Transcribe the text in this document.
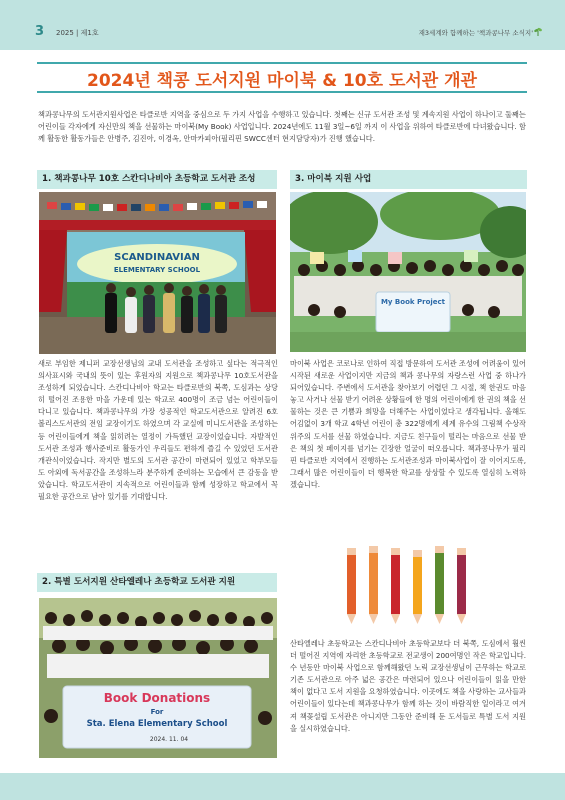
3 2025 | 제1호	재3세계와 함께하는 '책과콩나무 소식지'
2024년 책콩 도서지원 마이북 & 10호 도서관 개관
책과콩나무의 도서관지원사업은 타클로반 지역을 중심으로 두 가지 사업을 수행하고 있습니다. 첫째는 신규 도서관 조성 및 계속지원 사업이 하나이고 둘째는 어린이들 각자에게 자신만의 책을 선물하는 마이북(My Book) 사업입니다. 2024년에도 11월 3일~6일 까지 이 사업을 위하여 타클로반에 다녀왔습니다. 함께 활동한 활동가들은 안병주, 김진아, 이경옥, 안마카피아(필리핀 SWCC센터 현지담당자)가 진행 했습니다.
1. 책과콩나무 10호 스칸디나비아 초등학교 도서관 조성
SCANDINAVIAN
ELEMENTARY SCHOOL
새로 부임한 제니퍼 교장선생님의 교내 도서관을 조성하고 싶다는 적극적인 의사표시와 국내의 뜻이 있는 후원자의 지원으로 책과콩나무 10호도서관을 조성하게 되었습니다. 스칸디나비아 학교는 타클로반의 북쪽, 도심과는 상당히 떨어진 조용한 마을 가운데 있는 학교로 400명이 조금 넘는 어린이들이 다니고 있습니다. 책과콩나무의 가장 성공적인 학교도서관으로 알려진 6호 볼리스도서관의 전임 교장이기도 하였으며 각 교실에 미니도서관을 조성하는 등 어린이들에게 책을 읽히려는 열정이 가득했던 교장이었습니다. 자발적인 도서관 조성과 행사준비로 활동가인 우리들도 편하게 즐길 수 있었던 도서관 개관식이었습니다. 작지만 별도의 도서관 공간이 마련되어 있었고 학부모들도 아외에 독서공간을 조성하느라 분주하게 준비하는 모습에서 큰 감동을 받았습니다. 학교도서관이 지속적으로 어린이들과 함께 성장하고 학교에서 꼭 필요한 공간으로 남아 있기를 기대합니다.
2. 특별 도서지원 산타엘레나 초등학교 도서관 지원
Book Donations
For
Sta. Elena Elementary School
2024. 11. 04
산타엘레나 초등학교는 스칸디나비아 초등학교보다 더 북쪽, 도심에서 훨씬 더 떨어진 지역에 자리한 초등학교로 전교생이 200여명인 작은 학교입니다. 수 년동안 마이북 사업으로 함께해왔던 노릭 교장선생님이 근무하는 학교로 기존 도서관으로 아주 넓은 공간은 마련되어 있으나 어린이들이 읽을 만한 책이 없다고 도서 지원을 요청하였습니다. 이곳에도 책을 사랑하는 교사들과 어린이들이 있다는데 책과콩나무가 함께 하는 것이 바람직한 일이라고 여겨져 책꽂설립 도서관은 아니지만 그동안 준비해 둔 도서들로 특별 도서 지원을 실시하였습니다.
3. 마이북 지원 사업
My Book Project
마이북 사업은 코로나로 인하여 직접 방문하여 도서관 조성에 어려움이 있어 시작된 새로운 사업이지만 지금의 책과 콩나무의 자랑스런 사업 중 하나가 되어있습니다. 주변에서 도서관을 찾아보기 어렵던 그 시절, 책 한권도 마음 놓고 사거나 선물 받기 어려운 상황들에 한 명의 어린이에게 한 권의 책을 선물하는 것은 큰 기쁨과 희망을 더해주는 사업이었다고 생각됩니다. 올해도 어김없이 3개 학교 4학년 어린이 총 322명에게 세계 유수의 그림책 수상작 위주의 도서를 선물 하였습니다. 지금도 친구들이 떨리는 마음으로 선물 받은 책의 첫 페이지를 넘기는 긴장한 얼굴이 떠오릅니다. 책과콩나무가 필리핀 타클로반 지역에서 진행하는 도서관조성과 마이북사업이 잘 이어지도록, 그래서 많은 어린이들이 더 행복한 학교를 상상할 수 있도록 열심히 노력하겠습니다.
